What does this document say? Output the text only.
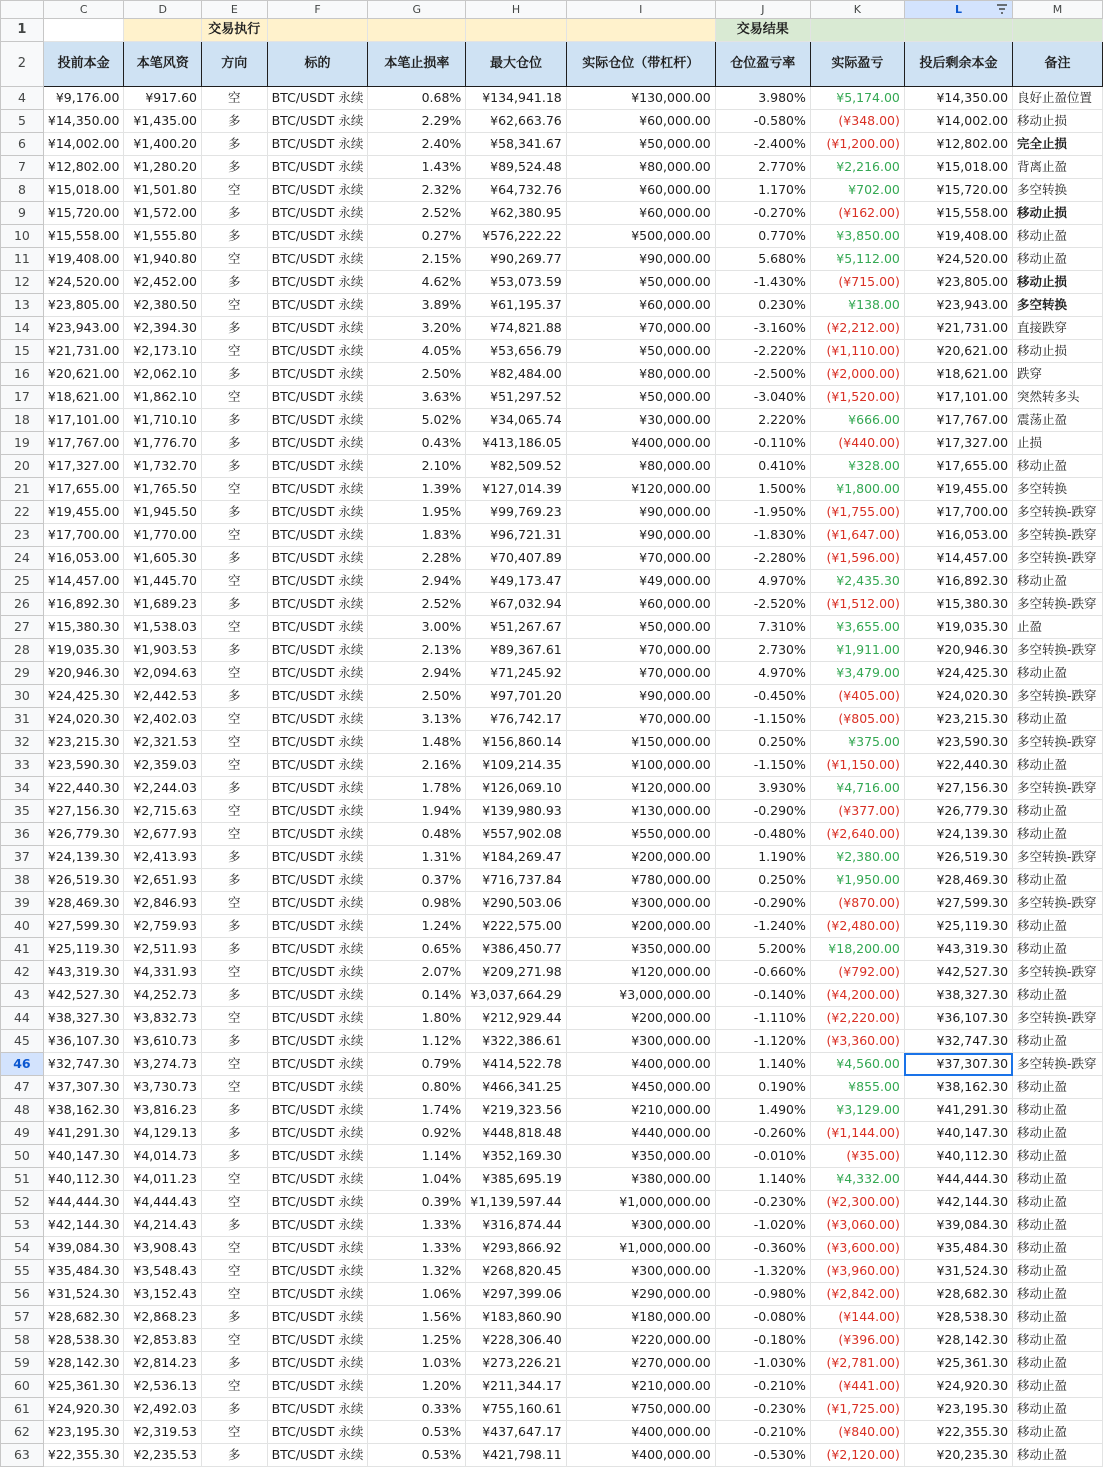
	C	D	E	F	G	H	I	J	K	L	M
1			交易执行					交易结果			
2	投前本金	本笔风资	方向	标的	本笔止损率	最大仓位	实际仓位（带杠杆）	仓位盈亏率	实际盈亏	投后剩余本金	备注
4	¥9,176.00	¥917.60	空	BTC/USDT 永续	0.68%	¥134,941.18	¥130,000.00	3.980%	¥5,174.00	¥14,350.00	良好止盈位置
5	¥14,350.00	¥1,435.00	多	BTC/USDT 永续	2.29%	¥62,663.76	¥60,000.00	-0.580%	(¥348.00)	¥14,002.00	移动止损
6	¥14,002.00	¥1,400.20	多	BTC/USDT 永续	2.40%	¥58,341.67	¥50,000.00	-2.400%	(¥1,200.00)	¥12,802.00	完全止损
7	¥12,802.00	¥1,280.20	多	BTC/USDT 永续	1.43%	¥89,524.48	¥80,000.00	2.770%	¥2,216.00	¥15,018.00	背离止盈
8	¥15,018.00	¥1,501.80	空	BTC/USDT 永续	2.32%	¥64,732.76	¥60,000.00	1.170%	¥702.00	¥15,720.00	多空转换
9	¥15,720.00	¥1,572.00	多	BTC/USDT 永续	2.52%	¥62,380.95	¥60,000.00	-0.270%	(¥162.00)	¥15,558.00	移动止损
10	¥15,558.00	¥1,555.80	多	BTC/USDT 永续	0.27%	¥576,222.22	¥500,000.00	0.770%	¥3,850.00	¥19,408.00	移动止盈
11	¥19,408.00	¥1,940.80	空	BTC/USDT 永续	2.15%	¥90,269.77	¥90,000.00	5.680%	¥5,112.00	¥24,520.00	移动止盈
12	¥24,520.00	¥2,452.00	多	BTC/USDT 永续	4.62%	¥53,073.59	¥50,000.00	-1.430%	(¥715.00)	¥23,805.00	移动止损
13	¥23,805.00	¥2,380.50	空	BTC/USDT 永续	3.89%	¥61,195.37	¥60,000.00	0.230%	¥138.00	¥23,943.00	多空转换
14	¥23,943.00	¥2,394.30	多	BTC/USDT 永续	3.20%	¥74,821.88	¥70,000.00	-3.160%	(¥2,212.00)	¥21,731.00	直接跌穿
15	¥21,731.00	¥2,173.10	空	BTC/USDT 永续	4.05%	¥53,656.79	¥50,000.00	-2.220%	(¥1,110.00)	¥20,621.00	移动止损
16	¥20,621.00	¥2,062.10	多	BTC/USDT 永续	2.50%	¥82,484.00	¥80,000.00	-2.500%	(¥2,000.00)	¥18,621.00	跌穿
17	¥18,621.00	¥1,862.10	空	BTC/USDT 永续	3.63%	¥51,297.52	¥50,000.00	-3.040%	(¥1,520.00)	¥17,101.00	突然转多头
18	¥17,101.00	¥1,710.10	多	BTC/USDT 永续	5.02%	¥34,065.74	¥30,000.00	2.220%	¥666.00	¥17,767.00	震荡止盈
19	¥17,767.00	¥1,776.70	多	BTC/USDT 永续	0.43%	¥413,186.05	¥400,000.00	-0.110%	(¥440.00)	¥17,327.00	止损
20	¥17,327.00	¥1,732.70	多	BTC/USDT 永续	2.10%	¥82,509.52	¥80,000.00	0.410%	¥328.00	¥17,655.00	移动止盈
21	¥17,655.00	¥1,765.50	空	BTC/USDT 永续	1.39%	¥127,014.39	¥120,000.00	1.500%	¥1,800.00	¥19,455.00	多空转换
22	¥19,455.00	¥1,945.50	多	BTC/USDT 永续	1.95%	¥99,769.23	¥90,000.00	-1.950%	(¥1,755.00)	¥17,700.00	多空转换-跌穿
23	¥17,700.00	¥1,770.00	空	BTC/USDT 永续	1.83%	¥96,721.31	¥90,000.00	-1.830%	(¥1,647.00)	¥16,053.00	多空转换-跌穿
24	¥16,053.00	¥1,605.30	多	BTC/USDT 永续	2.28%	¥70,407.89	¥70,000.00	-2.280%	(¥1,596.00)	¥14,457.00	多空转换-跌穿
25	¥14,457.00	¥1,445.70	空	BTC/USDT 永续	2.94%	¥49,173.47	¥49,000.00	4.970%	¥2,435.30	¥16,892.30	移动止盈
26	¥16,892.30	¥1,689.23	多	BTC/USDT 永续	2.52%	¥67,032.94	¥60,000.00	-2.520%	(¥1,512.00)	¥15,380.30	多空转换-跌穿
27	¥15,380.30	¥1,538.03	空	BTC/USDT 永续	3.00%	¥51,267.67	¥50,000.00	7.310%	¥3,655.00	¥19,035.30	止盈
28	¥19,035.30	¥1,903.53	多	BTC/USDT 永续	2.13%	¥89,367.61	¥70,000.00	2.730%	¥1,911.00	¥20,946.30	多空转换-跌穿
29	¥20,946.30	¥2,094.63	空	BTC/USDT 永续	2.94%	¥71,245.92	¥70,000.00	4.970%	¥3,479.00	¥24,425.30	移动止盈
30	¥24,425.30	¥2,442.53	多	BTC/USDT 永续	2.50%	¥97,701.20	¥90,000.00	-0.450%	(¥405.00)	¥24,020.30	多空转换-跌穿
31	¥24,020.30	¥2,402.03	空	BTC/USDT 永续	3.13%	¥76,742.17	¥70,000.00	-1.150%	(¥805.00)	¥23,215.30	移动止盈
32	¥23,215.30	¥2,321.53	空	BTC/USDT 永续	1.48%	¥156,860.14	¥150,000.00	0.250%	¥375.00	¥23,590.30	多空转换-跌穿
33	¥23,590.30	¥2,359.03	空	BTC/USDT 永续	2.16%	¥109,214.35	¥100,000.00	-1.150%	(¥1,150.00)	¥22,440.30	移动止盈
34	¥22,440.30	¥2,244.03	多	BTC/USDT 永续	1.78%	¥126,069.10	¥120,000.00	3.930%	¥4,716.00	¥27,156.30	多空转换-跌穿
35	¥27,156.30	¥2,715.63	空	BTC/USDT 永续	1.94%	¥139,980.93	¥130,000.00	-0.290%	(¥377.00)	¥26,779.30	移动止盈
36	¥26,779.30	¥2,677.93	空	BTC/USDT 永续	0.48%	¥557,902.08	¥550,000.00	-0.480%	(¥2,640.00)	¥24,139.30	移动止盈
37	¥24,139.30	¥2,413.93	多	BTC/USDT 永续	1.31%	¥184,269.47	¥200,000.00	1.190%	¥2,380.00	¥26,519.30	多空转换-跌穿
38	¥26,519.30	¥2,651.93	多	BTC/USDT 永续	0.37%	¥716,737.84	¥780,000.00	0.250%	¥1,950.00	¥28,469.30	移动止盈
39	¥28,469.30	¥2,846.93	空	BTC/USDT 永续	0.98%	¥290,503.06	¥300,000.00	-0.290%	(¥870.00)	¥27,599.30	多空转换-跌穿
40	¥27,599.30	¥2,759.93	多	BTC/USDT 永续	1.24%	¥222,575.00	¥200,000.00	-1.240%	(¥2,480.00)	¥25,119.30	移动止盈
41	¥25,119.30	¥2,511.93	多	BTC/USDT 永续	0.65%	¥386,450.77	¥350,000.00	5.200%	¥18,200.00	¥43,319.30	移动止盈
42	¥43,319.30	¥4,331.93	空	BTC/USDT 永续	2.07%	¥209,271.98	¥120,000.00	-0.660%	(¥792.00)	¥42,527.30	多空转换-跌穿
43	¥42,527.30	¥4,252.73	多	BTC/USDT 永续	0.14%	¥3,037,664.29	¥3,000,000.00	-0.140%	(¥4,200.00)	¥38,327.30	移动止盈
44	¥38,327.30	¥3,832.73	空	BTC/USDT 永续	1.80%	¥212,929.44	¥200,000.00	-1.110%	(¥2,220.00)	¥36,107.30	多空转换-跌穿
45	¥36,107.30	¥3,610.73	多	BTC/USDT 永续	1.12%	¥322,386.61	¥300,000.00	-1.120%	(¥3,360.00)	¥32,747.30	移动止盈
46	¥32,747.30	¥3,274.73	空	BTC/USDT 永续	0.79%	¥414,522.78	¥400,000.00	1.140%	¥4,560.00	¥37,307.30	多空转换-跌穿
47	¥37,307.30	¥3,730.73	空	BTC/USDT 永续	0.80%	¥466,341.25	¥450,000.00	0.190%	¥855.00	¥38,162.30	移动止盈
48	¥38,162.30	¥3,816.23	多	BTC/USDT 永续	1.74%	¥219,323.56	¥210,000.00	1.490%	¥3,129.00	¥41,291.30	移动止盈
49	¥41,291.30	¥4,129.13	多	BTC/USDT 永续	0.92%	¥448,818.48	¥440,000.00	-0.260%	(¥1,144.00)	¥40,147.30	移动止盈
50	¥40,147.30	¥4,014.73	多	BTC/USDT 永续	1.14%	¥352,169.30	¥350,000.00	-0.010%	(¥35.00)	¥40,112.30	移动止盈
51	¥40,112.30	¥4,011.23	空	BTC/USDT 永续	1.04%	¥385,695.19	¥380,000.00	1.140%	¥4,332.00	¥44,444.30	移动止盈
52	¥44,444.30	¥4,444.43	空	BTC/USDT 永续	0.39%	¥1,139,597.44	¥1,000,000.00	-0.230%	(¥2,300.00)	¥42,144.30	移动止盈
53	¥42,144.30	¥4,214.43	多	BTC/USDT 永续	1.33%	¥316,874.44	¥300,000.00	-1.020%	(¥3,060.00)	¥39,084.30	移动止盈
54	¥39,084.30	¥3,908.43	空	BTC/USDT 永续	1.33%	¥293,866.92	¥1,000,000.00	-0.360%	(¥3,600.00)	¥35,484.30	移动止盈
55	¥35,484.30	¥3,548.43	空	BTC/USDT 永续	1.32%	¥268,820.45	¥300,000.00	-1.320%	(¥3,960.00)	¥31,524.30	移动止盈
56	¥31,524.30	¥3,152.43	空	BTC/USDT 永续	1.06%	¥297,399.06	¥290,000.00	-0.980%	(¥2,842.00)	¥28,682.30	移动止盈
57	¥28,682.30	¥2,868.23	多	BTC/USDT 永续	1.56%	¥183,860.90	¥180,000.00	-0.080%	(¥144.00)	¥28,538.30	移动止盈
58	¥28,538.30	¥2,853.83	空	BTC/USDT 永续	1.25%	¥228,306.40	¥220,000.00	-0.180%	(¥396.00)	¥28,142.30	移动止盈
59	¥28,142.30	¥2,814.23	多	BTC/USDT 永续	1.03%	¥273,226.21	¥270,000.00	-1.030%	(¥2,781.00)	¥25,361.30	移动止盈
60	¥25,361.30	¥2,536.13	空	BTC/USDT 永续	1.20%	¥211,344.17	¥210,000.00	-0.210%	(¥441.00)	¥24,920.30	移动止盈
61	¥24,920.30	¥2,492.03	多	BTC/USDT 永续	0.33%	¥755,160.61	¥750,000.00	-0.230%	(¥1,725.00)	¥23,195.30	移动止盈
62	¥23,195.30	¥2,319.53	空	BTC/USDT 永续	0.53%	¥437,647.17	¥400,000.00	-0.210%	(¥840.00)	¥22,355.30	移动止盈
63	¥22,355.30	¥2,235.53	多	BTC/USDT 永续	0.53%	¥421,798.11	¥400,000.00	-0.530%	(¥2,120.00)	¥20,235.30	移动止盈
